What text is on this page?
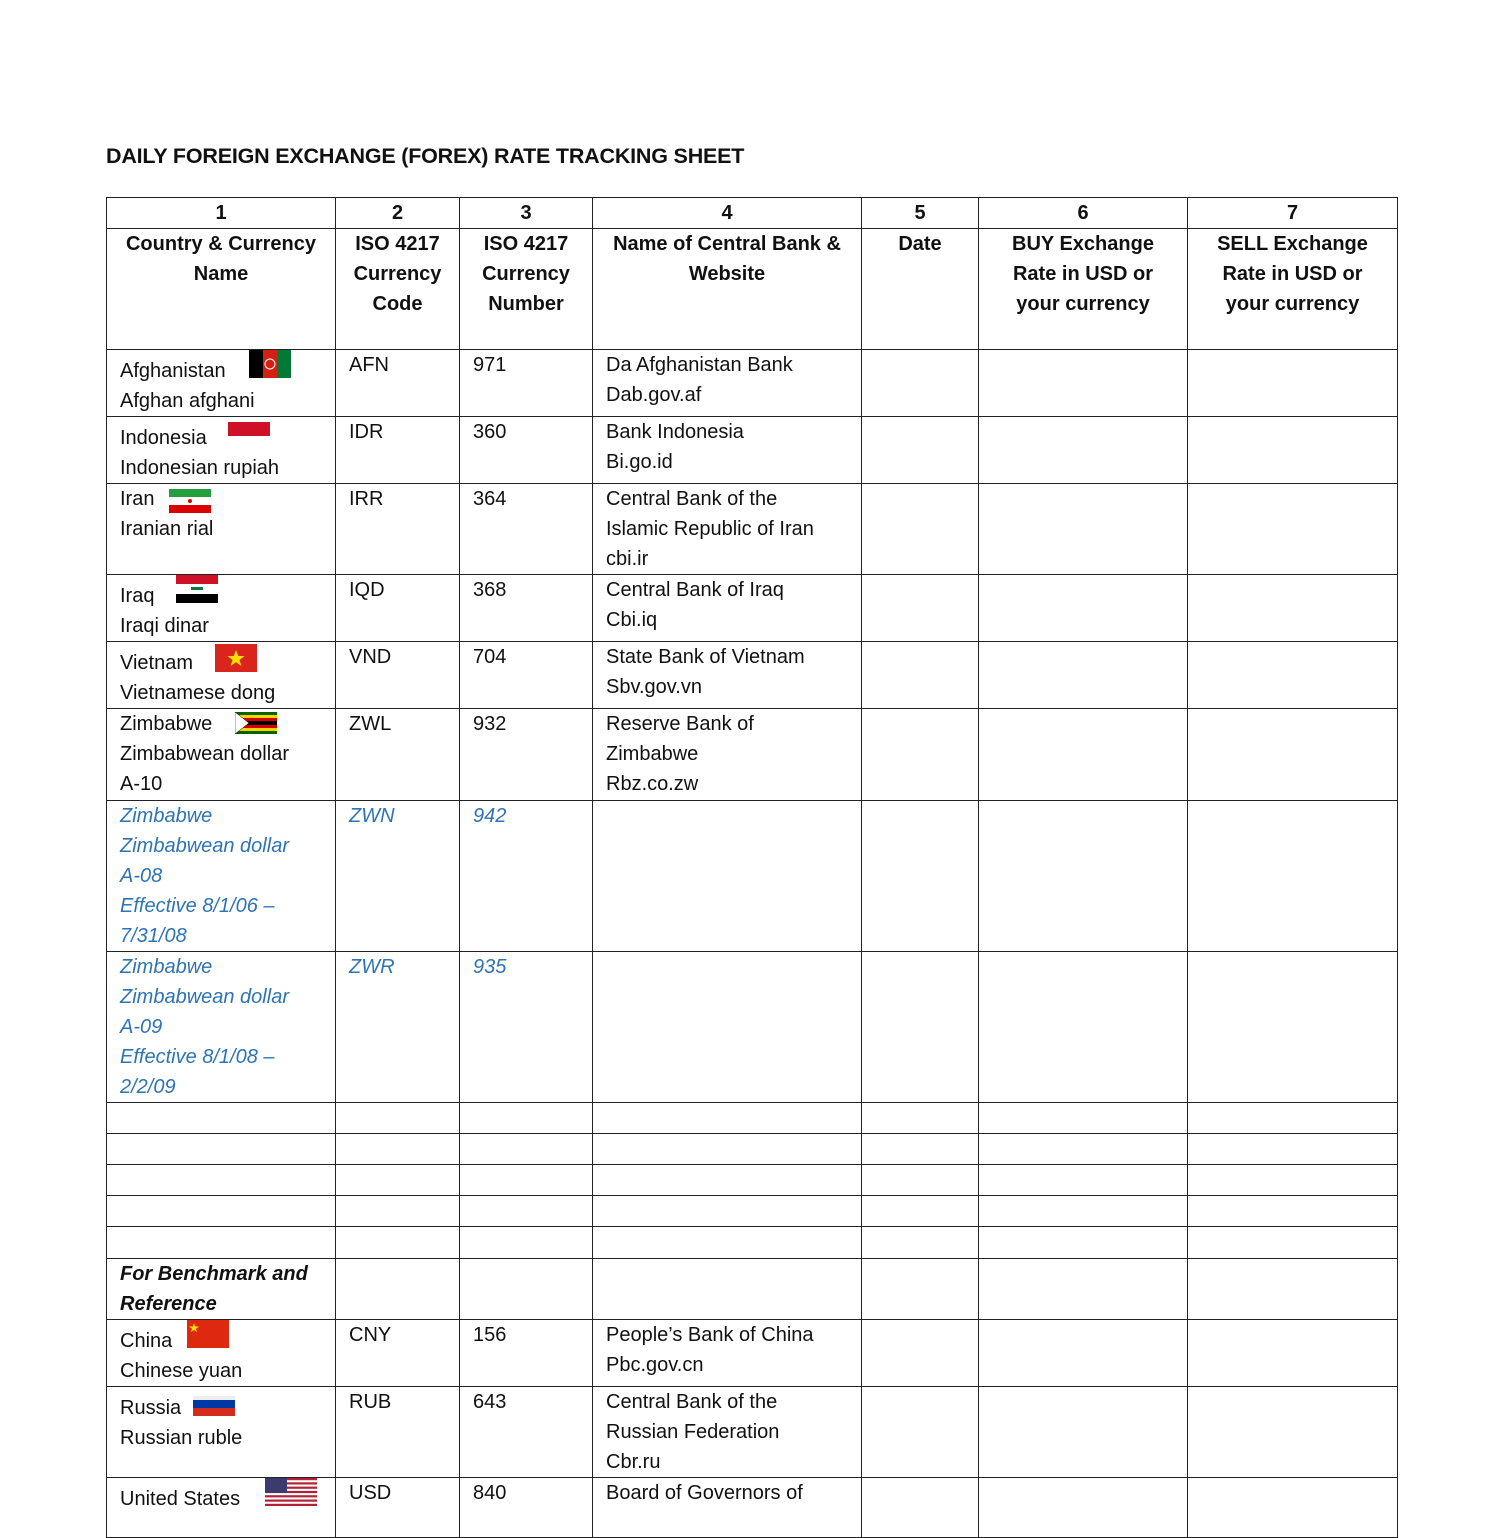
DAILY FOREIGN EXCHANGE (FOREX) RATE TRACKING SHEET
1	2	3	4	5	6	7
Country & Currency Name	ISO 4217 Currency Code	ISO 4217 Currency Number	Name of Central Bank & Website	Date	BUY Exchange Rate in USD or your currency	SELL Exchange Rate in USD or your currency

Afghanistan
Afghan afghani	AFN	971	Da Afghanistan Bank
Dab.gov.af			

Indonesia
Indonesian rupiah	IDR	360	Bank Indonesia
Bi.go.id			

Iran
Iranian rial	IRR	364	Central Bank of the
Islamic Republic of Iran
cbi.ir			

Iraq
Iraqi dinar	IQD	368	Central Bank of Iraq
Cbi.iq			

Vietnam
Vietnamese dong	VND	704	State Bank of Vietnam
Sbv.gov.vn			

Zimbabwe
Zimbabwean dollar
A-10	ZWL	932	Reserve Bank of
Zimbabwe
Rbz.co.zw			

Zimbabwe
Zimbabwean dollar
A-08
Effective 8/1/06 –
7/31/08	ZWN	942				

Zimbabwe
Zimbabwean dollar
A-09
Effective 8/1/08 –
2/2/09	ZWR	935				

For Benchmark and
Reference						

China
Chinese yuan	CNY	156	People’s Bank of China
Pbc.gov.cn			

Russia
Russian ruble	RUB	643	Central Bank of the
Russian Federation
Cbr.ru			

United States	USD	840	Board of Governors of			
